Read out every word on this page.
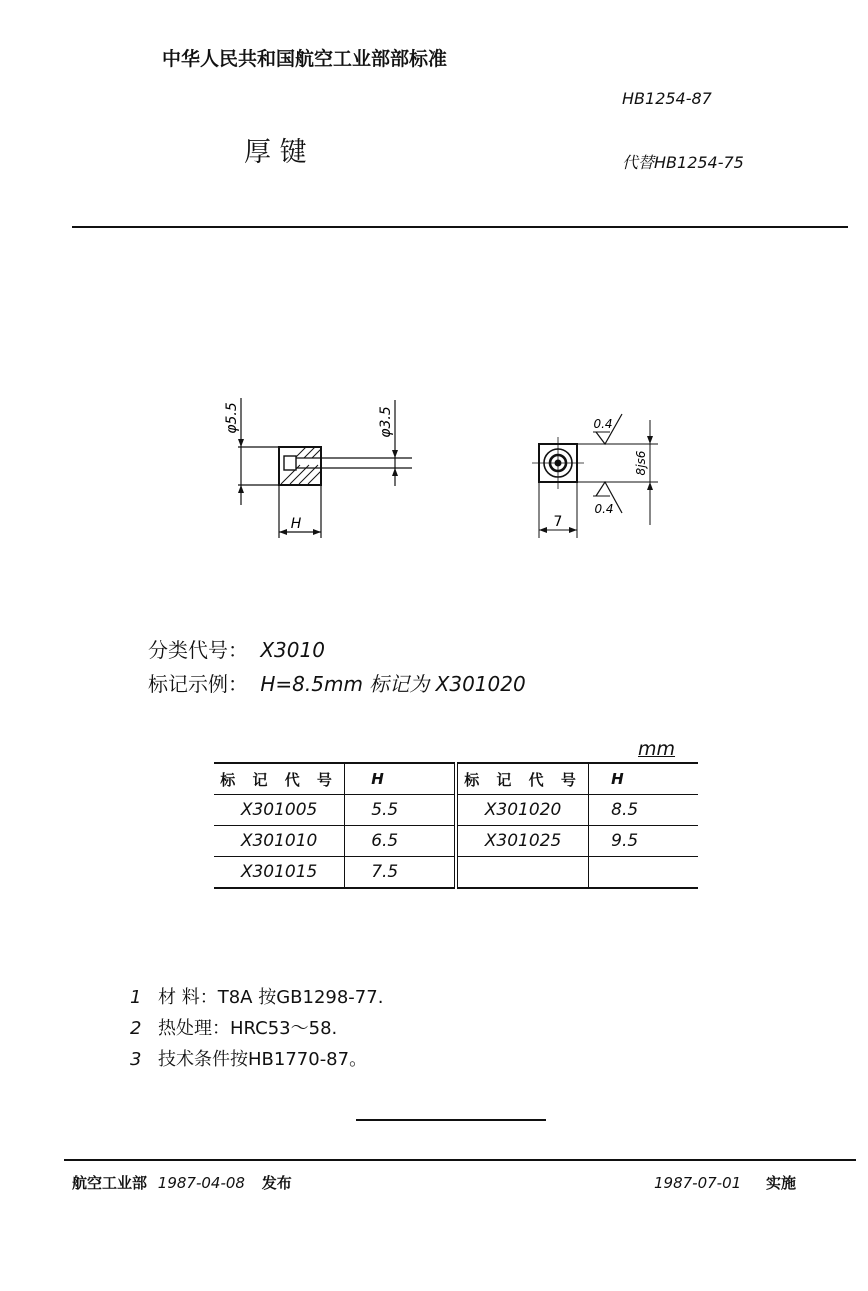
中华人民共和国航空工业部部标准
HB1254-87
厚 键	代替HB1254-75
φ5.5	φ3.5
H	7
8js6
0.4
0.4
分类代号： X3010
标记示例： H=8.5mm 标记为 X301020
mm
标 记 代 号	H	标 记 代 号	H
X301005	5.5	X301020	8.5
X301010	6.5	X301025	9.5
X301015	7.5		
1 材 料：T8A 按GB1298-77.
2 热处理：HRC53～58.
3 技术条件按HB1770-87。
航空工业部 1987-04-08 发布	1987-07-01 实施
